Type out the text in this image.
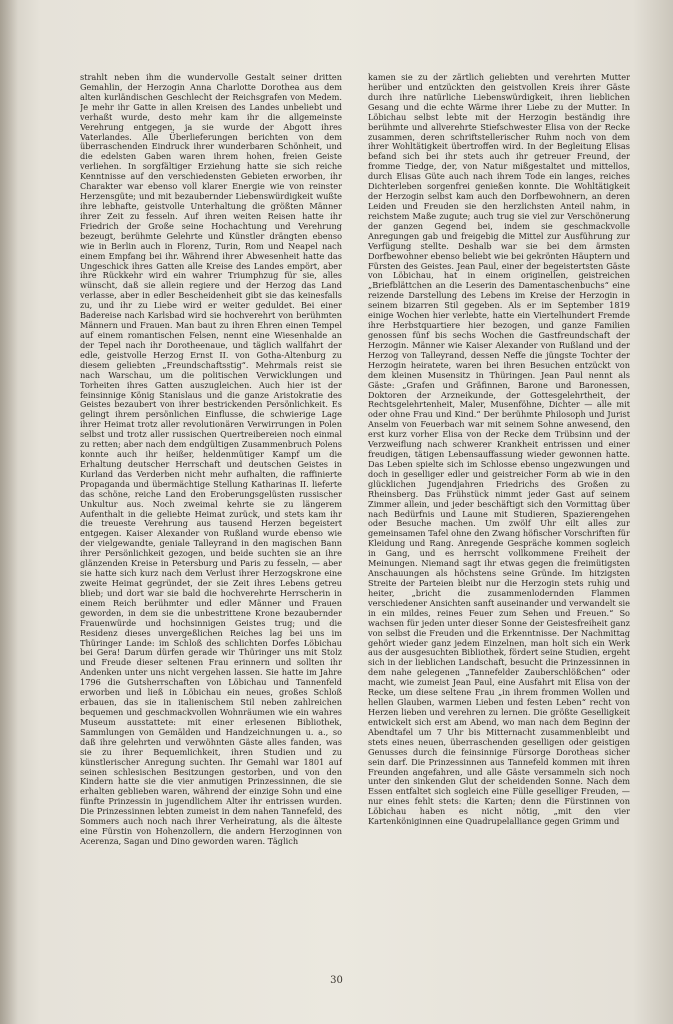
strahlt neben ihm die wundervolle Gestalt seiner dritten Gemahlin, der Herzogin Anna Charlotte Dorothea aus dem alten kurländischen Geschlecht der Reichsgrafen von Medem. Je mehr ihr Gatte in allen Kreisen des Landes unbeliebt und verhaßt wurde, desto mehr kam ihr die allgemeinste Verehrung entgegen, ja sie wurde der Abgott ihres Vaterlandes. Alle Überlieferungen berichten von dem überraschenden Eindruck ihrer wunderbaren Schönheit, und die edelsten Gaben waren ihrem hohen, freien Geiste verliehen. In sorgfältiger Erziehung hatte sie sich reiche Kenntnisse auf den verschiedensten Gebieten erworben, ihr Charakter war ebenso voll klarer Energie wie von reinster Herzensgüte; und mit bezaubernder Liebenswürdigkeit wußte ihre lebhafte, geistvolle Unterhaltung die größten Männer ihrer Zeit zu fesseln. Auf ihren weiten Reisen hatte ihr Friedrich der Große seine Hochachtung und Verehrung bezeugt, berühmte Gelehrte und Künstler drängten ebenso wie in Berlin auch in Florenz, Turin, Rom und Neapel nach einem Empfang bei ihr. Während ihrer Abwesenheit hatte das Ungeschick ihres Gatten alle Kreise des Landes empört, aber ihre Rückkehr wird ein wahrer Triumphzug für sie, alles wünscht, daß sie allein regiere und der Herzog das Land verlasse, aber in edler Bescheidenheit gibt sie das keinesfalls zu, und ihr zu Liebe wird er weiter geduldet. Bei einer Badereise nach Karlsbad wird sie hochverehrt von berühmten Männern und Frauen. Man baut zu ihren Ehren einen Tempel auf einem romantischen Felsen, nennt eine Wiesenhalde an der Tepel nach ihr Dorotheenaue, und täglich wallfahrt der edle, geistvolle Herzog Ernst II. von Gotha-Altenburg zu diesem geliebten „Freundschaftsstig“. Mehrmals reist sie nach Warschau, um die politischen Verwicklungen und Torheiten ihres Gatten auszugleichen. Auch hier ist der feinsinnige König Stanislaus und die ganze Aristokratie des Geistes bezaubert von ihrer bestrickenden Persönlichkeit. Es gelingt ihrem persönlichen Einflusse, die schwierige Lage ihrer Heimat trotz aller revolutionären Verwirrungen in Polen selbst und trotz aller russischen Quertreibereien noch einmal zu retten; aber nach dem endgültigen Zusammenbruch Polens konnte auch ihr heißer, heldenmütiger Kampf um die Erhaltung deutscher Herrschaft und deutschen Geistes in Kurland das Verderben nicht mehr aufhalten, die raffinierte Propaganda und übermächtige Stellung Katharinas II. lieferte das schöne, reiche Land den Eroberungsgelüsten russischer Unkultur aus. Noch zweimal kehrte sie zu längerem Aufenthalt in die geliebte Heimat zurück, und stets kam ihr die treueste Verehrung aus tausend Herzen begeistert entgegen. Kaiser Alexander von Rußland wurde ebenso wie der vielgewandte, geniale Talleyrand in den magischen Bann ihrer Persönlichkeit gezogen, und beide suchten sie an ihre glänzenden Kreise in Petersburg und Paris zu fesseln, — aber sie hatte sich kurz nach dem Verlust ihrer Herzogskrone eine zweite Heimat gegründet, der sie Zeit ihres Lebens getreu blieb; und dort war sie bald die hochverehrte Herrscherin in einem Reich berühmter und edler Männer und Frauen geworden, in dem sie die unbestrittene Krone bezaubernder Frauenwürde und hochsinnigen Geistes trug; und die Residenz dieses unvergeßlichen Reiches lag bei uns im Thüringer Lande: im Schloß des schlichten Dorfes Löbichau bei Gera! Darum dürfen gerade wir Thüringer uns mit Stolz und Freude dieser seltenen Frau erinnern und sollten ihr Andenken unter uns nicht vergehen lassen. Sie hatte im Jahre 1796 die Gutsherrschaften von Löbichau und Tannenfeld erworben und ließ in Löbichau ein neues, großes Schloß erbauen, das sie in italienischem Stil neben zahlreichen bequemen und geschmackvollen Wohnräumen wie ein wahres Museum ausstattete: mit einer erlesenen Bibliothek, Sammlungen von Gemälden und Handzeichnungen u. a., so daß ihre gelehrten und verwöhnten Gäste alles fanden, was sie zu ihrer Bequemlichkeit, ihren Studien und zu künstlerischer Anregung suchten. Ihr Gemahl war 1801 auf seinen schlesischen Besitzungen gestorben, und von den Kindern hatte sie die vier anmutigen Prinzessinnen, die sie erhalten geblieben waren, während der einzige Sohn und eine fünfte Prinzessin in jugendlichem Alter ihr entrissen wurden. Die Prinzessinnen lebten zumeist in dem nahen Tannefeld, des Sommers auch noch nach ihrer Verheiratung, als die älteste eine Fürstin von Hohenzollern, die andern Herzoginnen von Acerenza, Sagan und Dino geworden waren. Täglich

kamen sie zu der zärtlich geliebten und verehrten Mutter herüber und entzückten den geistvollen Kreis ihrer Gäste durch ihre natürliche Liebenswürdigkeit, ihren lieblichen Gesang und die echte Wärme ihrer Liebe zu der Mutter. In Löbichau selbst lebte mit der Herzogin beständig ihre berühmte und allverehrte Stiefschwester Elisa von der Recke zusammen, deren schriftstellerischer Ruhm noch von dem ihrer Wohltätigkeit übertroffen wird. In der Begleitung Elisas befand sich bei ihr stets auch ihr getreuer Freund, der fromme Tiedge, der, von Natur mißgestaltet und mittellos, durch Elisas Güte auch nach ihrem Tode ein langes, reiches Dichterleben sorgenfrei genießen konnte. Die Wohltätigkeit der Herzogin selbst kam auch den Dorfbewohnern, an deren Leiden und Freuden sie den herzlichsten Anteil nahm, in reichstem Maße zugute; auch trug sie viel zur Verschönerung der ganzen Gegend bei, indem sie geschmackvolle Anregungen gab und freigebig die Mittel zur Ausführung zur Verfügung stellte. Deshalb war sie bei dem ärmsten Dorfbewohner ebenso beliebt wie bei gekrönten Häuptern und Fürsten des Geistes. Jean Paul, einer der begeistertsten Gäste von Löbichau, hat in einem originellen, geistreichen „Briefblättchen an die Leserin des Damentaschenbuchs“ eine reizende Darstellung des Lebens im Kreise der Herzogin in seinem bizarren Stil gegeben. Als er im September 1819 einige Wochen hier verlebte, hatte ein Viertelhundert Fremde ihre Herbstquartiere hier bezogen, und ganze Familien genossen fünf bis sechs Wochen die Gastfreundschaft der Herzogin. Männer wie Kaiser Alexander von Rußland und der Herzog von Talleyrand, dessen Neffe die jüngste Tochter der Herzogin heiratete, waren bei ihren Besuchen entzückt von dem kleinen Musensitz in Thüringen. Jean Paul nennt als Gäste: „Grafen und Gräfinnen, Barone und Baronessen, Doktoren der Arzneikunde, der Gottesgelehrtheit, der Rechtsgelehrtenheit, Maler, Musenföhne, Dichter — alle mit oder ohne Frau und Kind.“ Der berühmte Philosoph und Jurist Anselm von Feuerbach war mit seinem Sohne anwesend, den erst kurz vorher Elisa von der Recke dem Trübsinn und der Verzweiflung nach schwerer Krankheit entrissen und einer freudigen, tätigen Lebensauffassung wieder gewonnen hatte. Das Leben spielte sich im Schlosse ebenso ungezwungen und doch in geselliger edler und geistreicher Form ab wie in den glücklichen Jugendjahren Friedrichs des Großen zu Rheinsberg. Das Frühstück nimmt jeder Gast auf seinem Zimmer allein, und jeder beschäftigt sich den Vormittag über nach Bedürfnis und Laune mit Studieren, Spazierengehen oder Besuche machen. Um zwölf Uhr eilt alles zur gemeinsamen Tafel ohne den Zwang höfischer Vorschriften für Kleidung und Rang. Anregende Gespräche kommen sogleich in Gang, und es herrscht vollkommene Freiheit der Meinungen. Niemand sagt ihr etwas gegen die freimütigsten Anschauungen als höchstens seine Gründe. Im hitzigsten Streite der Parteien bleibt nur die Herzogin stets ruhig und heiter, „bricht die zusammenlodernden Flammen verschiedener Ansichten sanft auseinander und verwandelt sie in ein mildes, reines Feuer zum Sehen und Freuen.“ So wachsen für jeden unter dieser Sonne der Geistesfreiheit ganz von selbst die Freuden und die Erkenntnisse. Der Nachmittag gehört wieder ganz jedem Einzelnen, man holt sich ein Werk aus der ausgesuchten Bibliothek, fördert seine Studien, ergeht sich in der lieblichen Landschaft, besucht die Prinzessinnen in dem nahe gelegenen „Tannefelder Zauberschlößchen“ oder macht, wie zumeist Jean Paul, eine Ausfahrt mit Elisa von der Recke, um diese seltene Frau „in ihrem frommen Wollen und hellen Glauben, warmen Lieben und festen Leben“ recht von Herzen lieben und verehren zu lernen. Die größte Geselligkeit entwickelt sich erst am Abend, wo man nach dem Beginn der Abendtafel um 7 Uhr bis Mitternacht zusammenbleibt und stets eines neuen, überraschenden geselligen oder geistigen Genusses durch die feinsinnige Fürsorge Dorotheas sicher sein darf. Die Prinzessinnen aus Tannefeld kommen mit ihren Freunden angefahren, und alle Gäste versammeln sich noch unter den sinkenden Glut der scheidenden Sonne. Nach dem Essen entfaltet sich sogleich eine Fülle geselliger Freuden, — nur eines fehlt stets: die Karten; denn die Fürstinnen von Löbichau haben es nicht nötig, „mit den vier Kartenköniginnen eine Quadrupelalliance gegen Grimm und

30
